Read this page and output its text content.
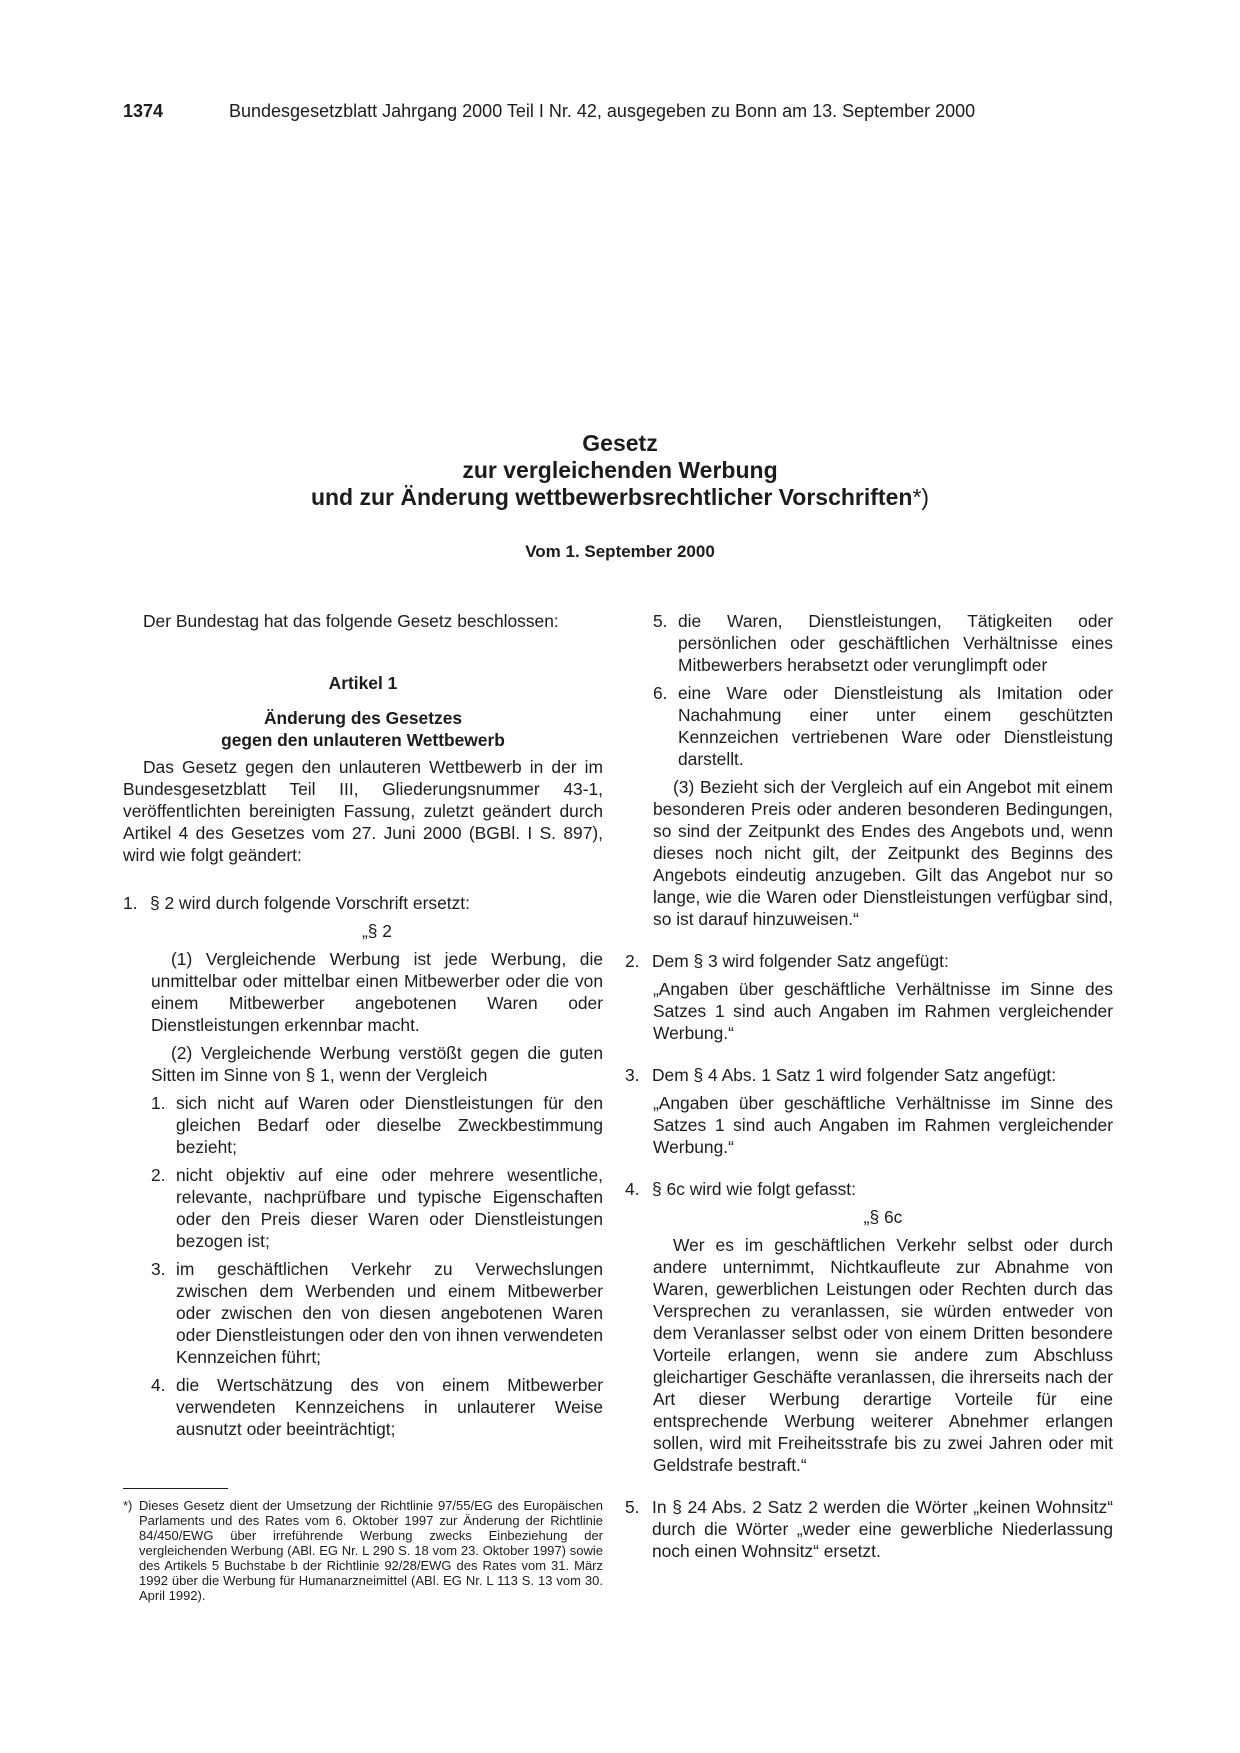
1374	Bundesgesetzblatt Jahrgang 2000 Teil I Nr. 42, ausgegeben zu Bonn am 13. September 2000
Gesetz
zur vergleichenden Werbung
und zur Änderung wettbewerbsrechtlicher Vorschriften*)
Vom 1. September 2000

Der Bundestag hat das folgende Gesetz beschlossen:

Artikel 1

Änderung des Gesetzes

gegen den unlauteren Wettbewerb

Das Gesetz gegen den unlauteren Wettbewerb in der im Bundesgesetzblatt Teil III, Gliederungsnummer 43-1, veröffentlichten bereinigten Fassung, zuletzt geändert durch Artikel 4 des Gesetzes vom 27. Juni 2000 (BGBl. I S. 897), wird wie folgt geändert:

1. § 2 wird durch folgende Vorschrift ersetzt:

„§ 2

(1) Vergleichende Werbung ist jede Werbung, die unmittelbar oder mittelbar einen Mitbewerber oder die von einem Mitbewerber angebotenen Waren oder Dienstleistungen erkennbar macht.

(2) Vergleichende Werbung verstößt gegen die guten Sitten im Sinne von § 1, wenn der Vergleich

1. sich nicht auf Waren oder Dienstleistungen für den gleichen Bedarf oder dieselbe Zweckbestimmung bezieht;
2. nicht objektiv auf eine oder mehrere wesentliche, relevante, nachprüfbare und typische Eigenschaften oder den Preis dieser Waren oder Dienstleistungen bezogen ist;
3. im geschäftlichen Verkehr zu Verwechslungen zwischen dem Werbenden und einem Mitbewerber oder zwischen den von diesen angebotenen Waren oder Dienstleistungen oder den von ihnen verwendeten Kennzeichen führt;
4. die Wertschätzung des von einem Mitbewerber verwendeten Kennzeichens in unlauterer Weise ausnutzt oder beeinträchtigt;
5. die Waren, Dienstleistungen, Tätigkeiten oder persönlichen oder geschäftlichen Verhältnisse eines Mitbewerbers herabsetzt oder verunglimpft oder
6. eine Ware oder Dienstleistung als Imitation oder Nachahmung einer unter einem geschützten Kennzeichen vertriebenen Ware oder Dienstleistung darstellt.

(3) Bezieht sich der Vergleich auf ein Angebot mit einem besonderen Preis oder anderen besonderen Bedingungen, so sind der Zeitpunkt des Endes des Angebots und, wenn dieses noch nicht gilt, der Zeitpunkt des Beginns des Angebots eindeutig anzugeben. Gilt das Angebot nur so lange, wie die Waren oder Dienstleistungen verfügbar sind, so ist darauf hinzuweisen.“

2. Dem § 3 wird folgender Satz angefügt:

„Angaben über geschäftliche Verhältnisse im Sinne des Satzes 1 sind auch Angaben im Rahmen vergleichender Werbung.“

3. Dem § 4 Abs. 1 Satz 1 wird folgender Satz angefügt:

„Angaben über geschäftliche Verhältnisse im Sinne des Satzes 1 sind auch Angaben im Rahmen vergleichender Werbung.“

4. § 6c wird wie folgt gefasst:

„§ 6c

Wer es im geschäftlichen Verkehr selbst oder durch andere unternimmt, Nichtkaufleute zur Abnahme von Waren, gewerblichen Leistungen oder Rechten durch das Versprechen zu veranlassen, sie würden entweder von dem Veranlasser selbst oder von einem Dritten besondere Vorteile erlangen, wenn sie andere zum Abschluss gleichartiger Geschäfte veranlassen, die ihrerseits nach der Art dieser Werbung derartige Vorteile für eine entsprechende Werbung weiterer Abnehmer erlangen sollen, wird mit Freiheitsstrafe bis zu zwei Jahren oder mit Geldstrafe bestraft.“

5. In § 24 Abs. 2 Satz 2 werden die Wörter „keinen Wohnsitz“ durch die Wörter „weder eine gewerbliche Niederlassung noch einen Wohnsitz“ ersetzt.
*) Dieses Gesetz dient der Umsetzung der Richtlinie 97/55/EG des Europäischen Parlaments und des Rates vom 6. Oktober 1997 zur Änderung der Richtlinie 84/450/EWG über irreführende Werbung zwecks Einbeziehung der vergleichenden Werbung (ABl. EG Nr. L 290 S. 18 vom 23. Oktober 1997) sowie des Artikels 5 Buchstabe b der Richtlinie 92/28/EWG des Rates vom 31. März 1992 über die Werbung für Humanarzneimittel (ABl. EG Nr. L 113 S. 13 vom 30. April 1992).
